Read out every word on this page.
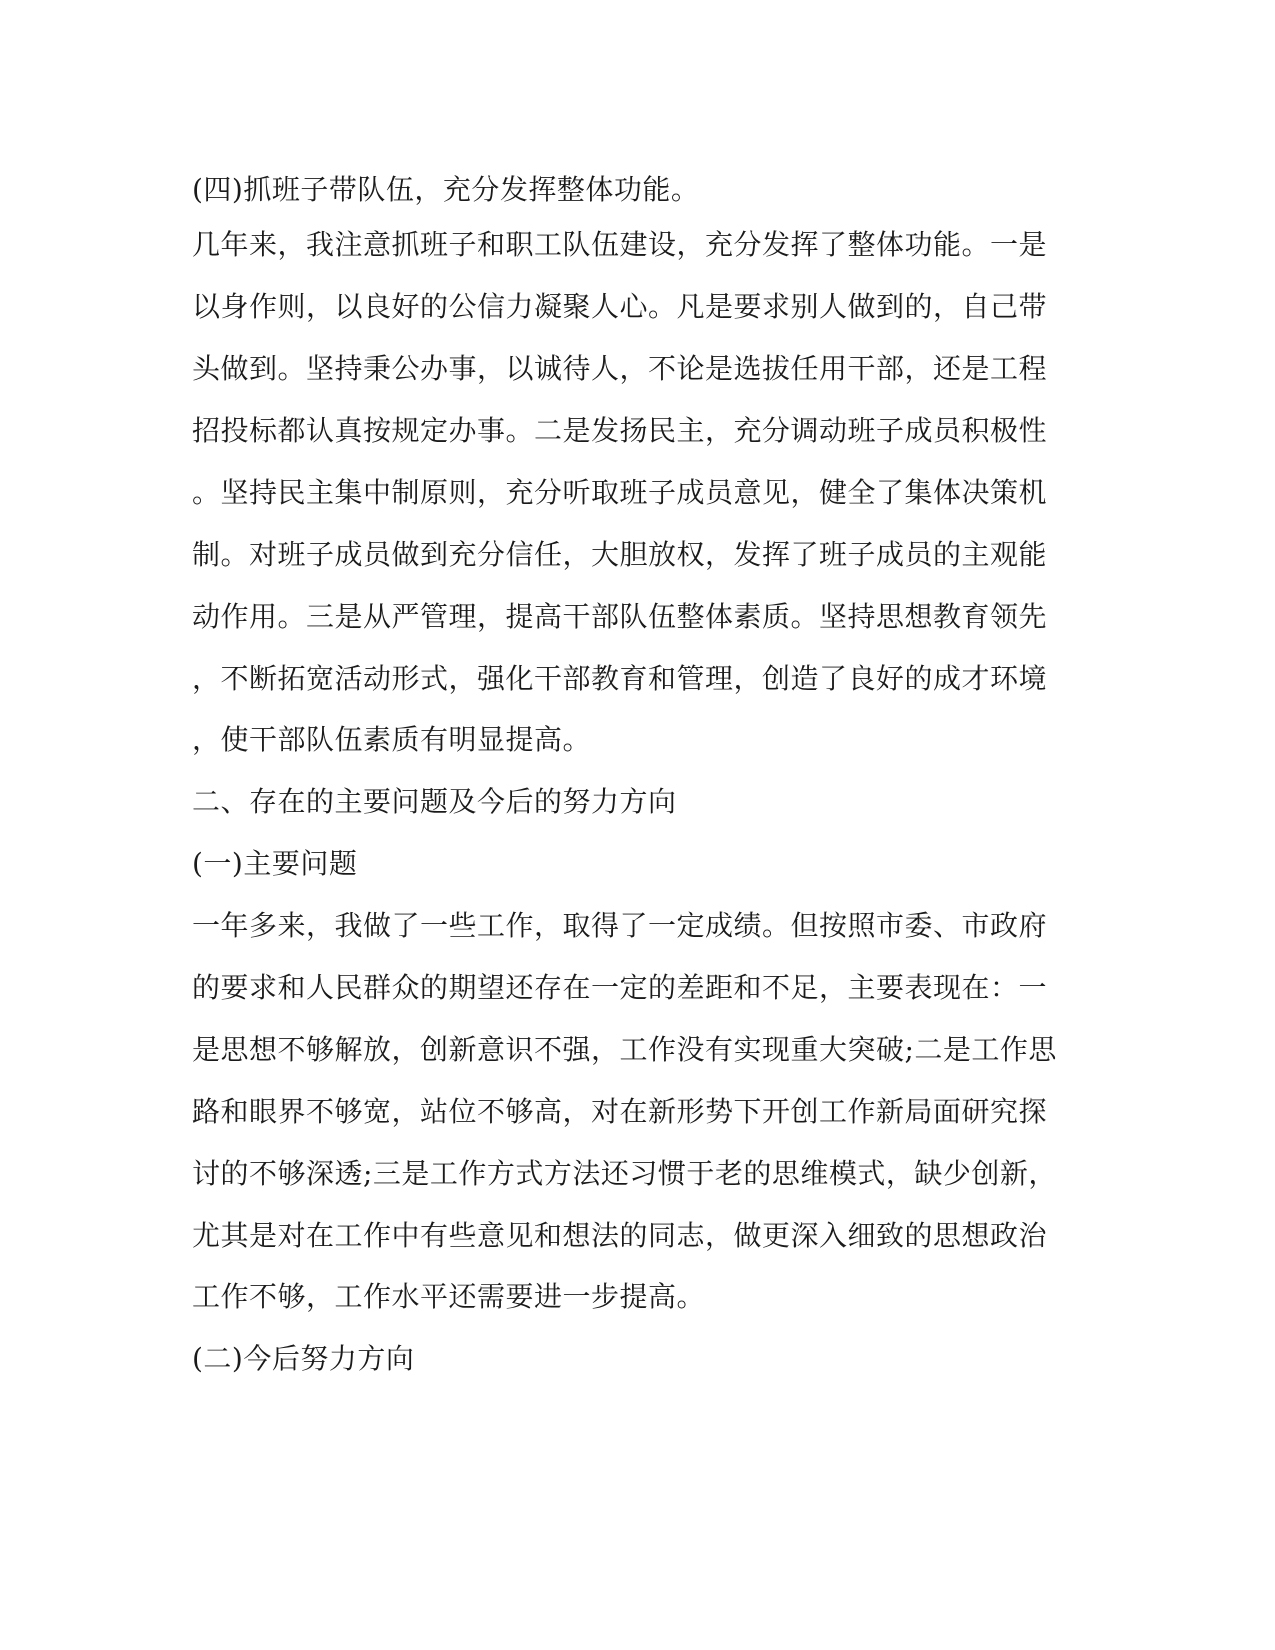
(四)抓班子带队伍，充分发挥整体功能。
几年来，我注意抓班子和职工队伍建设，充分发挥了整体功能。一是
以身作则，以良好的公信力凝聚人心。凡是要求别人做到的，自己带
头做到。坚持秉公办事，以诚待人，不论是选拔任用干部，还是工程
招投标都认真按规定办事。二是发扬民主，充分调动班子成员积极性
。坚持民主集中制原则，充分听取班子成员意见，健全了集体决策机
制。对班子成员做到充分信任，大胆放权，发挥了班子成员的主观能
动作用。三是从严管理，提高干部队伍整体素质。坚持思想教育领先
，不断拓宽活动形式，强化干部教育和管理，创造了良好的成才环境
，使干部队伍素质有明显提高。
二、存在的主要问题及今后的努力方向
(一)主要问题
一年多来，我做了一些工作，取得了一定成绩。但按照市委、市政府
的要求和人民群众的期望还存在一定的差距和不足，主要表现在：一
是思想不够解放，创新意识不强，工作没有实现重大突破;二是工作思
路和眼界不够宽，站位不够高，对在新形势下开创工作新局面研究探
讨的不够深透;三是工作方式方法还习惯于老的思维模式，缺少创新，
尤其是对在工作中有些意见和想法的同志，做更深入细致的思想政治
工作不够，工作水平还需要进一步提高。
(二)今后努力方向
